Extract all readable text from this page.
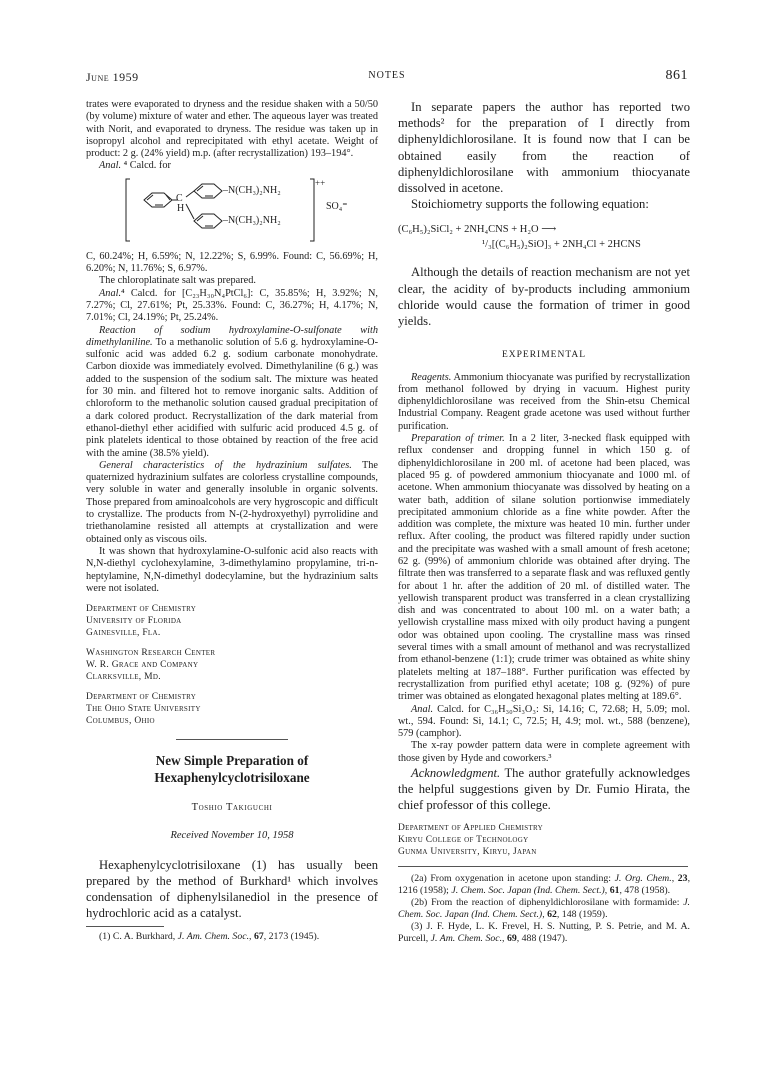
June 1959	NOTES	861

trates were evaporated to dryness and the residue shaken with a 50/50 (by volume) mixture of water and ether. The aqueous layer was treated with Norit, and evaporated to dryness. The residue was taken up in isopropyl alcohol and reprecipitated with ethyl acetate. Weight of product: 2 g. (24% yield) m.p. (after recrystallization) 193–194°.

Anal. ⁴ Calcd. for

C
H
–N(CH₃)₂NH₂
–N(CH₃)₂NH₂
++
SO₄⁼

C, 60.24%; H, 6.59%; N, 12.22%; S, 6.99%. Found: C, 56.69%; H, 6.20%; N, 11.76%; S, 6.97%.

The chloroplatinate salt was prepared.

Anal.⁴ Calcd. for [C₂₃H₃₀N₄PtCl₆]: C, 35.85%; H, 3.92%; N, 7.27%; Cl, 27.61%; Pt, 25.33%. Found: C, 36.27%; H, 4.17%; N, 7.01%; Cl, 24.19%; Pt, 25.24%.

Reaction of sodium hydroxylamine-O-sulfonate with dimethylaniline. To a methanolic solution of 5.6 g. hydroxylamine-O-sulfonic acid was added 6.2 g. sodium carbonate monohydrate. Carbon dioxide was immediately evolved. Dimethylaniline (6 g.) was added to the suspension of the sodium salt. The mixture was heated for 30 min. and filtered hot to remove inorganic salts. Addition of chloroform to the methanolic solution caused gradual precipitation of a dark colored product. Recrystallization of the dark material from ethanol-diethyl ether acidified with sulfuric acid produced 4.5 g. of pink platelets identical to those obtained by reaction of the free acid with the amine (38.5% yield).

General characteristics of the hydrazinium sulfates. The quaternized hydrazinium sulfates are colorless crystalline compounds, very soluble in water and generally insoluble in organic solvents. Those prepared from aminoalcohols are very hygroscopic and difficult to crystallize. The products from N-(2-hydroxyethyl) pyrrolidine and triethanolamine resisted all attempts at crystallization and were obtained only as viscous oils.

It was shown that hydroxylamine-O-sulfonic acid also reacts with N,N-diethyl cyclohexylamine, 3-dimethylamino propylamine, tri-n-heptylamine, N,N-dimethyl dodecylamine, but the hydrazinium salts were not isolated.

Department of Chemistry
University of Florida
Gainesville, Fla.
Washington Research Center
W. R. Grace and Company
Clarksville, Md.
Department of Chemistry
The Ohio State University
Columbus, Ohio
New Simple Preparation of
Hexaphenylcyclotrisiloxane
Toshio Takiguchi
Received November 10, 1958

Hexaphenylcyclotrisiloxane (1) has usually been prepared by the method of Burkhard¹ which involves condensation of diphenylsilanediol in the presence of hydrochloric acid as a catalyst.

(1) C. A. Burkhard, J. Am. Chem. Soc., 67, 2173 (1945).

In separate papers the author has reported two methods² for the preparation of I directly from diphenyldichlorosilane. It is found now that I can be obtained easily from the reaction of diphenyldichlorosilane with ammonium thiocyanate dissolved in acetone.

Stoichiometry supports the following equation:

(C₆H₅)₂SiCl₂ + 2NH₄CNS + H₂O ⟶
¹/₃[(C₆H₅)₂SiO]₃ + 2NH₄Cl + 2HCNS

Although the details of reaction mechanism are not yet clear, the acidity of by-products including ammonium chloride would cause the formation of trimer in good yields.

EXPERIMENTAL

Reagents. Ammonium thiocyanate was purified by recrystallization from methanol followed by drying in vacuum. Highest purity diphenyldichlorosilane was received from the Shin-etsu Chemical Industrial Company. Reagent grade acetone was used without further purification.

Preparation of trimer. In a 2 liter, 3-necked flask equipped with reflux condenser and dropping funnel in which 150 g. of diphenyldichlorosilane in 200 ml. of acetone had been placed, was placed 95 g. of powdered ammonium thiocyanate and 1000 ml. of acetone. When ammonium thiocyanate was dissolved by heating on a water bath, addition of silane solution portionwise immediately precipitated ammonium chloride as a fine white powder. After the addition was complete, the mixture was heated 10 min. further under reflux. After cooling, the product was filtered rapidly under suction and the precipitate was washed with a small amount of fresh acetone; 62 g. (99%) of ammonium chloride was obtained after drying. The filtrate then was transferred to a separate flask and was refluxed gently for about 1 hr. after the addition of 20 ml. of distilled water. The yellowish transparent product was transferred in a clean crystallizing dish and was concentrated to about 100 ml. on a water bath; a yellowish crystalline mass mixed with oily product having a pungent odor was obtained upon cooling. The crystalline mass was rinsed several times with a small amount of methanol and was recrystallized from ethanol-benzene (1:1); crude trimer was obtained as white shiny platelets melting at 187–188°. Further purification was effected by recrystallization from purified ethyl acetate; 108 g. (92%) of pure trimer was obtained as elongated hexagonal plates melting at 189.6°.

Anal. Calcd. for C₃₆H₃₀Si₃O₃: Si, 14.16; C, 72.68; H, 5.09; mol. wt., 594. Found: Si, 14.1; C, 72.5; H, 4.9; mol. wt., 588 (benzene), 579 (camphor).

The x-ray powder pattern data were in complete agreement with those given by Hyde and coworkers.³

Acknowledgment. The author gratefully acknowledges the helpful suggestions given by Dr. Fumio Hirata, the chief professor of this college.

Department of Applied Chemistry
Kiryu College of Technology
Gunma University, Kiryu, Japan

(2a) From oxygenation in acetone upon standing: J. Org. Chem., 23, 1216 (1958); J. Chem. Soc. Japan (Ind. Chem. Sect.), 61, 478 (1958).

(2b) From the reaction of diphenyldichlorosilane with formamide: J. Chem. Soc. Japan (Ind. Chem. Sect.), 62, 148 (1959).

(3) J. F. Hyde, L. K. Frevel, H. S. Nutting, P. S. Petrie, and M. A. Purcell, J. Am. Chem. Soc., 69, 488 (1947).
